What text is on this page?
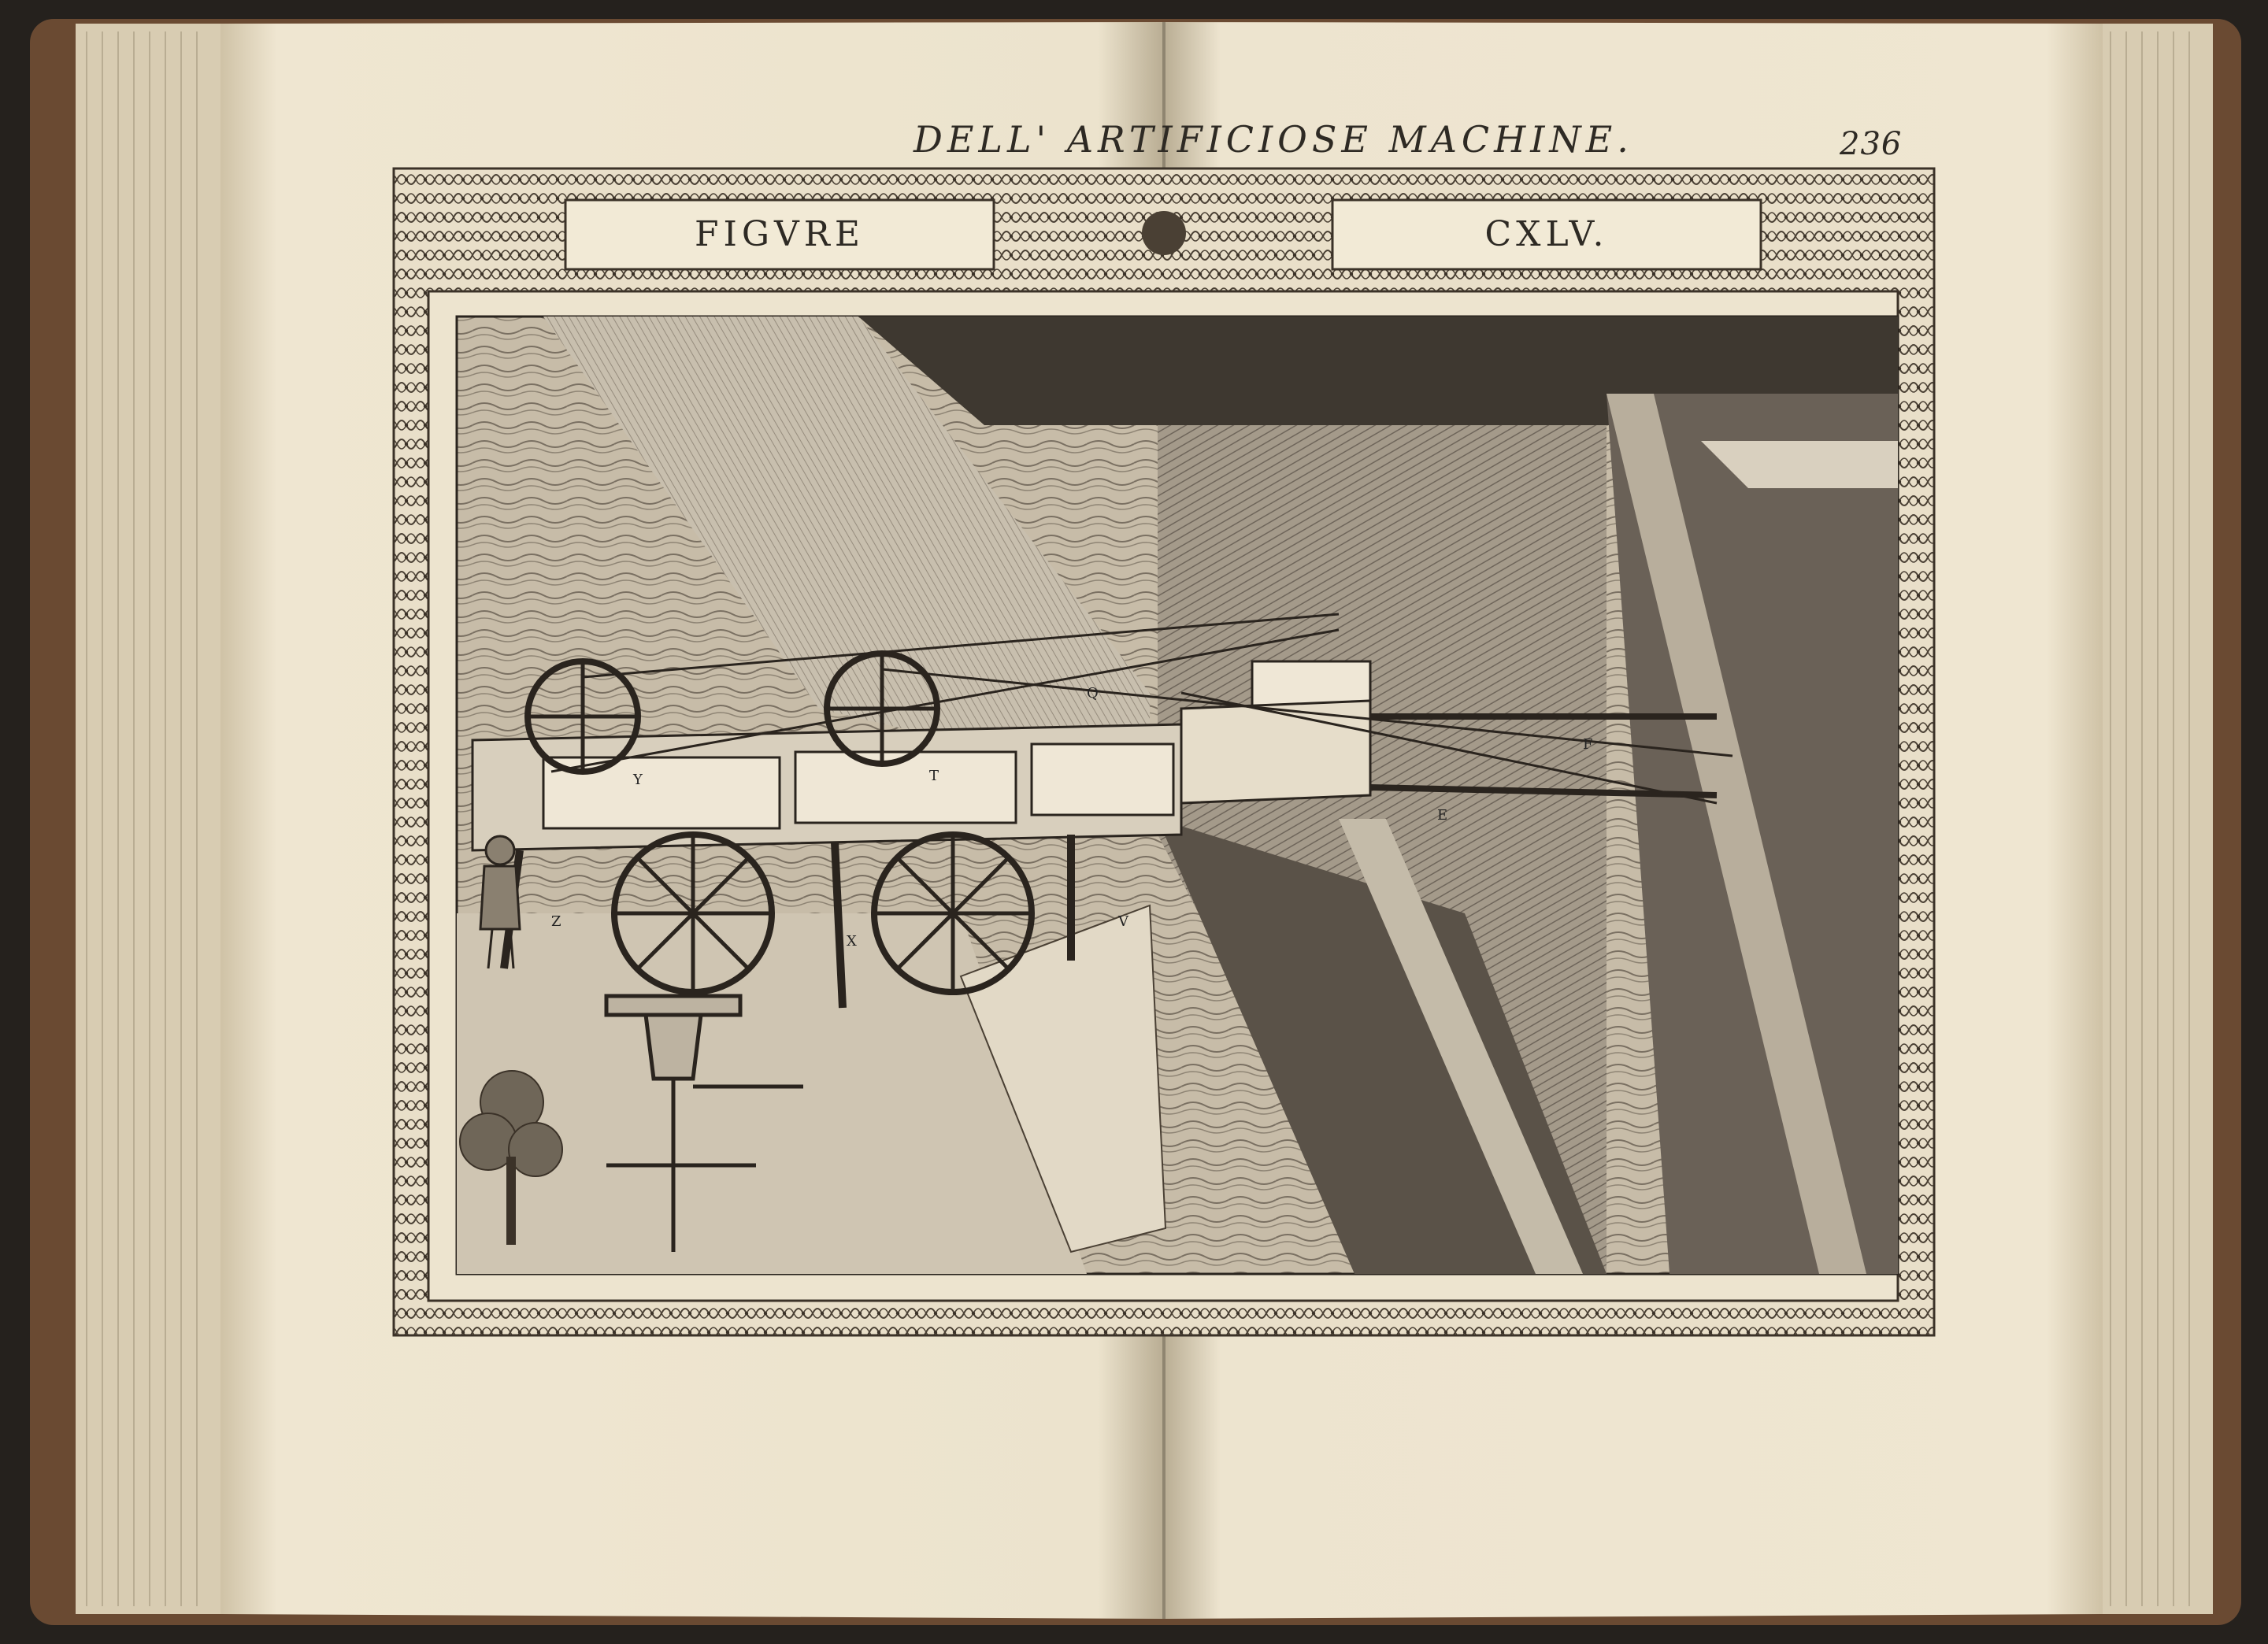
DELL' ARTIFICIOSE MACHINE.	236
FIGVRE	CXLV.
Y	T
Q
Z
X
V
E
F
